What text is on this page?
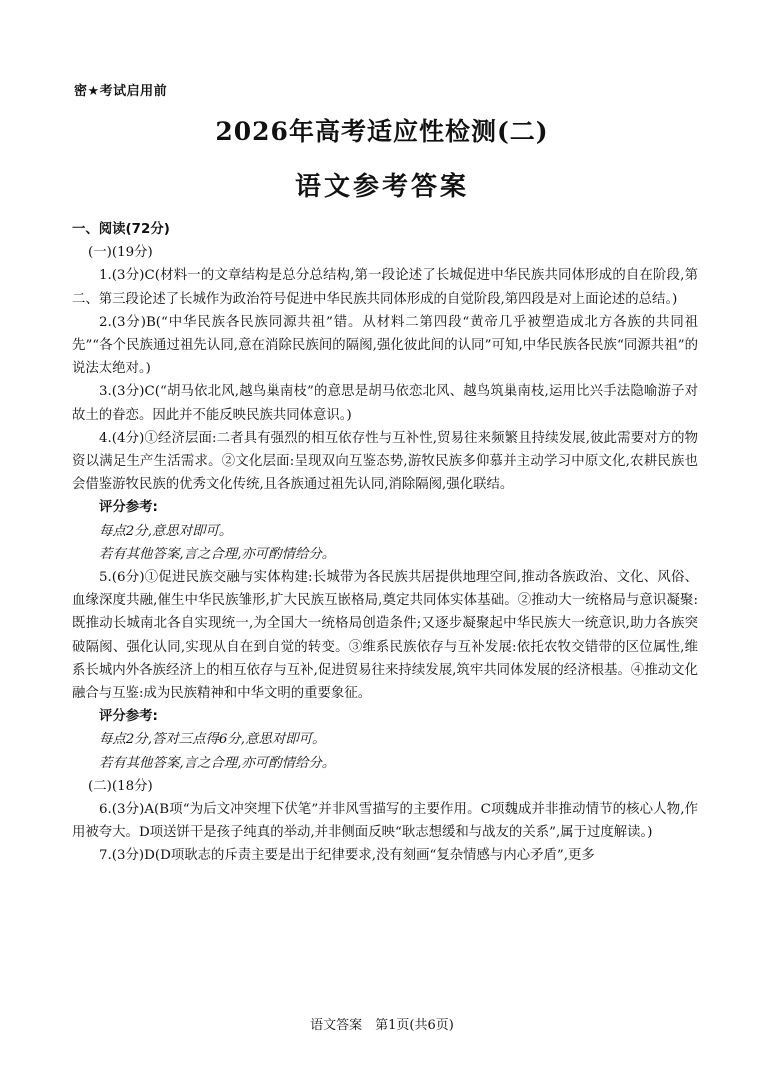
密★考试启用前
2026年高考适应性检测(二)
语文参考答案

一、阅读(72分)

(一)(19分)

1.(3分)C(材料一的文章结构是总分总结构,第一段论述了长城促进中华民族共同体形成的自在阶段,第二、第三段论述了长城作为政治符号促进中华民族共同体形成的自觉阶段,第四段是对上面论述的总结。)

2.(3分)B(“中华民族各民族同源共祖”错。从材料二第四段“黄帝几乎被塑造成北方各族的共同祖先”“各个民族通过祖先认同,意在消除民族间的隔阂,强化彼此间的认同”可知,中华民族各民族“同源共祖”的说法太绝对。)

3.(3分)C(“胡马依北风,越鸟巢南枝”的意思是胡马依恋北风、越鸟筑巢南枝,运用比兴手法隐喻游子对故土的眷恋。因此并不能反映民族共同体意识。)

4.(4分)①经济层面:二者具有强烈的相互依存性与互补性,贸易往来频繁且持续发展,彼此需要对方的物资以满足生产生活需求。②文化层面:呈现双向互鉴态势,游牧民族多仰慕并主动学习中原文化,农耕民族也会借鉴游牧民族的优秀文化传统,且各族通过祖先认同,消除隔阂,强化联结。

评分参考:

每点2分,意思对即可。

若有其他答案,言之合理,亦可酌情给分。

5.(6分)①促进民族交融与实体构建:长城带为各民族共居提供地理空间,推动各族政治、文化、风俗、血缘深度共融,催生中华民族雏形,扩大民族互嵌格局,奠定共同体实体基础。②推动大一统格局与意识凝聚:既推动长城南北各自实现统一,为全国大一统格局创造条件;又逐步凝聚起中华民族大一统意识,助力各族突破隔阂、强化认同,实现从自在到自觉的转变。③维系民族依存与互补发展:依托农牧交错带的区位属性,维系长城内外各族经济上的相互依存与互补,促进贸易往来持续发展,筑牢共同体发展的经济根基。④推动文化融合与互鉴:成为民族精神和中华文明的重要象征。

评分参考:

每点2分,答对三点得6分,意思对即可。

若有其他答案,言之合理,亦可酌情给分。

(二)(18分)

6.(3分)A(B项“为后文冲突埋下伏笔”并非风雪描写的主要作用。C项魏成并非推动情节的核心人物,作用被夸大。D项送饼干是孩子纯真的举动,并非侧面反映“耿志想缓和与战友的关系”,属于过度解读。)

7.(3分)D(D项耿志的斥责主要是出于纪律要求,没有刻画“复杂情感与内心矛盾”,更多

语文答案　第1页(共6页)
